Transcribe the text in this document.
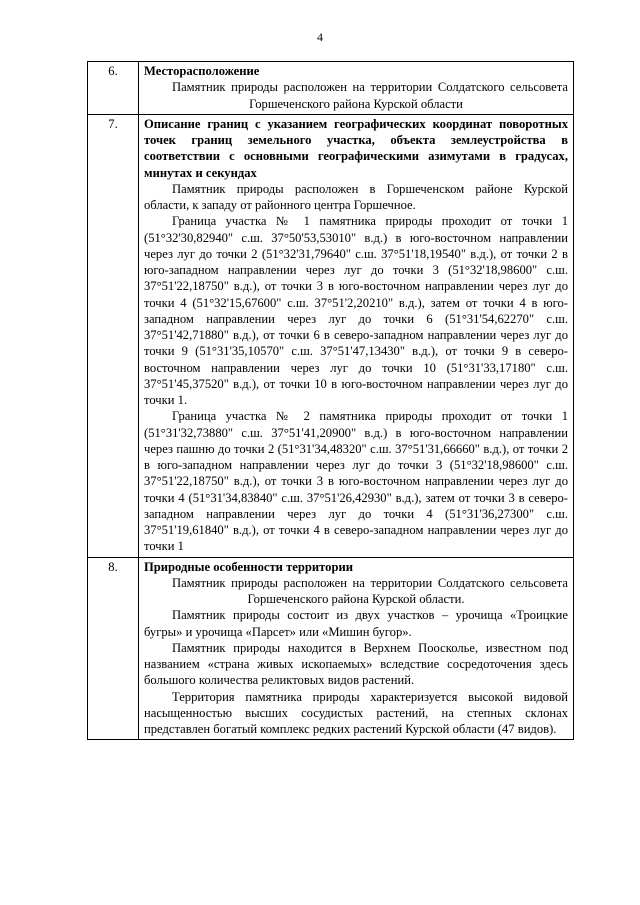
4
6.	Месторасположение

Памятник природы расположен на территории Солдатского сельсовета Горшеченского района Курской области

7.	Описание границ с указанием географических координат поворотных точек границ земельного участка, объекта землеустройства в соответствии с основными географическими азимутами в градусах, минутах и секундах

Памятник природы расположен в Горшеченском районе Курской области, к западу от районного центра Горшечное.

Граница участка № 1 памятника природы проходит от точки 1 (51°32'30,82940" с.ш. 37°50'53,53010" в.д.) в юго-восточном направлении через луг до точки 2 (51°32'31,79640" с.ш. 37°51'18,19540" в.д.), от точки 2 в юго-западном направлении через луг до точки 3 (51°32'18,98600" с.ш. 37°51'22,18750" в.д.), от точки 3 в юго-восточном направлении через луг до точки 4 (51°32'15,67600" с.ш. 37°51'2,20210" в.д.), затем от точки 4 в юго-западном направлении через луг до точки 6 (51°31'54,62270" с.ш. 37°51'42,71880" в.д.), от точки 6 в северо-западном направлении через луг до точки 9 (51°31'35,10570" с.ш. 37°51'47,13430" в.д.), от точки 9 в северо-восточном направлении через луг до точки 10 (51°31'33,17180" с.ш. 37°51'45,37520" в.д.), от точки 10 в юго-восточном направлении через луг до точки 1.

Граница участка № 2 памятника природы проходит от точки 1 (51°31'32,73880" с.ш. 37°51'41,20900" в.д.) в юго-восточном направлении через пашню до точки 2 (51°31'34,48320" с.ш. 37°51'31,66660" в.д.), от точки 2 в юго-западном направлении через луг до точки 3 (51°32'18,98600" с.ш. 37°51'22,18750" в.д.), от точки 3 в юго-восточном направлении через луг до точки 4 (51°31'34,83840" с.ш. 37°51'26,42930" в.д.), затем от точки 3 в северо-западном направлении через луг до точки 4 (51°31'36,27300" с.ш. 37°51'19,61840" в.д.), от точки 4 в северо-западном направлении через луг до точки 1

8.	Природные особенности территории

Памятник природы расположен на территории Солдатского сельсовета Горшеченского района Курской области.

Памятник природы состоит из двух участков – урочища «Троицкие бугры» и урочища «Парсет» или «Мишин бугор».

Памятник природы находится в Верхнем Поосколье, известном под названием «страна живых ископаемых» вследствие сосредоточения здесь большого количества реликтовых видов растений.

Территория памятника природы характеризуется высокой видовой насыщенностью высших сосудистых растений, на степных склонах представлен богатый комплекс редких растений Курской области (47 видов).
